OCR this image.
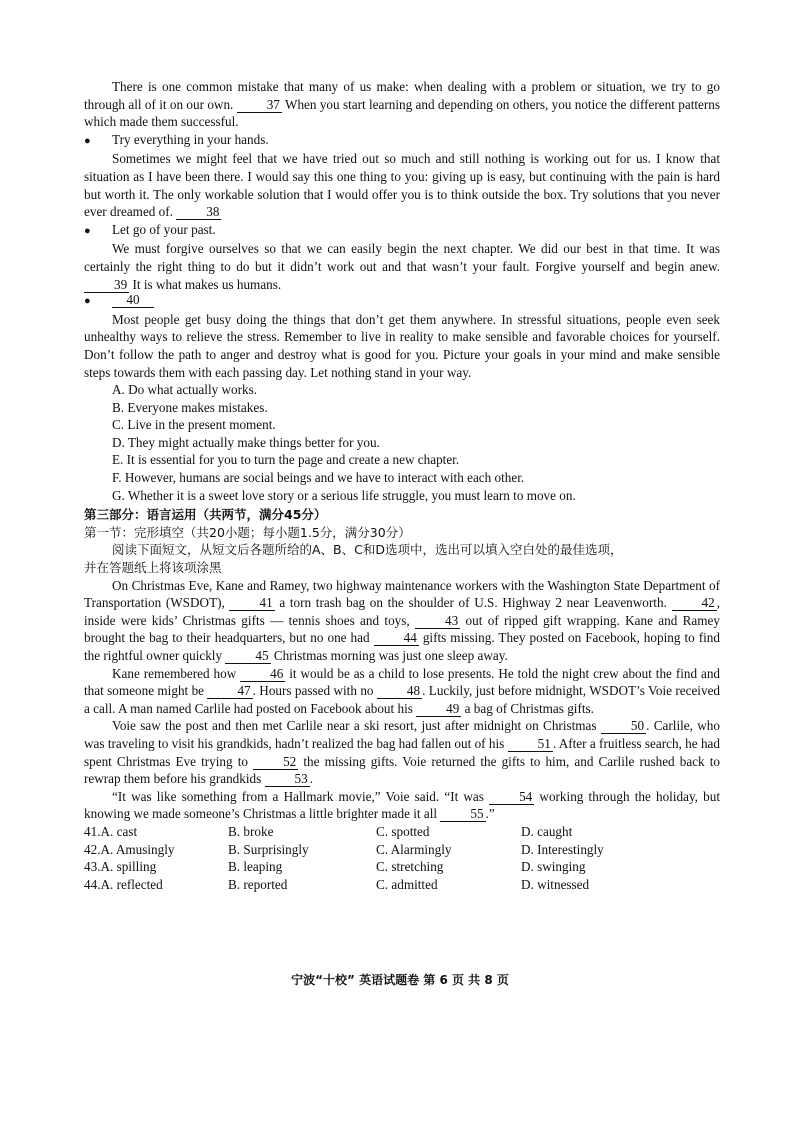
There is one common mistake that many of us make: when dealing with a problem or situation, we try to go through all of it on our own. 37 When you start learning and depending on others, you notice the different patterns which made them successful.

●	Try everything in your hands.

Sometimes we might feel that we have tried out so much and still nothing is working out for us. I know that situation as I have been there. I would say this one thing to you: giving up is easy, but continuing with the pain is hard but worth it. The only workable solution that I would offer you is to think outside the box. Try solutions that you never ever dreamed of. 38

●	Let go of your past.

We must forgive ourselves so that we can easily begin the next chapter. We did our best in that time. It was certainly the right thing to do but it didn’t work out and that wasn’t your fault. Forgive yourself and begin anew. 39 It is what makes us humans.

●	40

Most people get busy doing the things that don’t get them anywhere. In stressful situations, people even seek unhealthy ways to relieve the stress. Remember to live in reality to make sensible and favorable choices for yourself. Don’t follow the path to anger and destroy what is good for you. Picture your goals in your mind and make sensible steps towards them with each passing day. Let nothing stand in your way.

A. Do what actually works.
B. Everyone makes mistakes.
C. Live in the present moment.
D. They might actually make things better for you.
E. It is essential for you to turn the page and create a new chapter.
F. However, humans are social beings and we have to interact with each other.
G. Whether it is a sweet love story or a serious life struggle, you must learn to move on.
第三部分：语言运用（共两节，满分45分）
第一节：完形填空（共20小题；每小题1.5分，满分30分）
阅读下面短文，从短文后各题所给的A、B、C和D选项中，选出可以填入空白处的最佳选项，
并在答题纸上将该项涂黑

On Christmas Eve, Kane and Ramey, two highway maintenance workers with the Washington State Department of Transportation (WSDOT), 41 a torn trash bag on the shoulder of U.S. Highway 2 near Leavenworth. 42 , inside were kids’ Christmas gifts — tennis shoes and toys, 43 out of ripped gift wrapping. Kane and Ramey brought the bag to their headquarters, but no one had 44 gifts missing. They posted on Facebook, hoping to find the rightful owner quickly 45 Christmas morning was just one sleep away.

Kane remembered how 46 it would be as a child to lose presents. He told the night crew about the find and that someone might be 47 . Hours passed with no 48 . Luckily, just before midnight, WSDOT’s Voie received a call. A man named Carlile had posted on Facebook about his 49 a bag of Christmas gifts.

Voie saw the post and then met Carlile near a ski resort, just after midnight on Christmas 50 . Carlile, who was traveling to visit his grandkids, hadn’t realized the bag had fallen out of his 51 . After a fruitless search, he had spent Christmas Eve trying to 52 the missing gifts. Voie returned the gifts to him, and Carlile rushed back to rewrap them before his grandkids 53 .

“It was like something from a Hallmark movie,” Voie said. “It was 54 working through the holiday, but knowing we made someone’s Christmas a little brighter made it all 55 .”

41.A. cast	B. broke	C. spotted	D. caught
42.A. Amusingly	B. Surprisingly	C. Alarmingly	D. Interestingly
43.A. spilling	B. leaping	C. stretching	D. swinging
44.A. reflected	B. reported	C. admitted	D. witnessed
宁波“十校” 英语试题卷 第 6 页 共 8 页
